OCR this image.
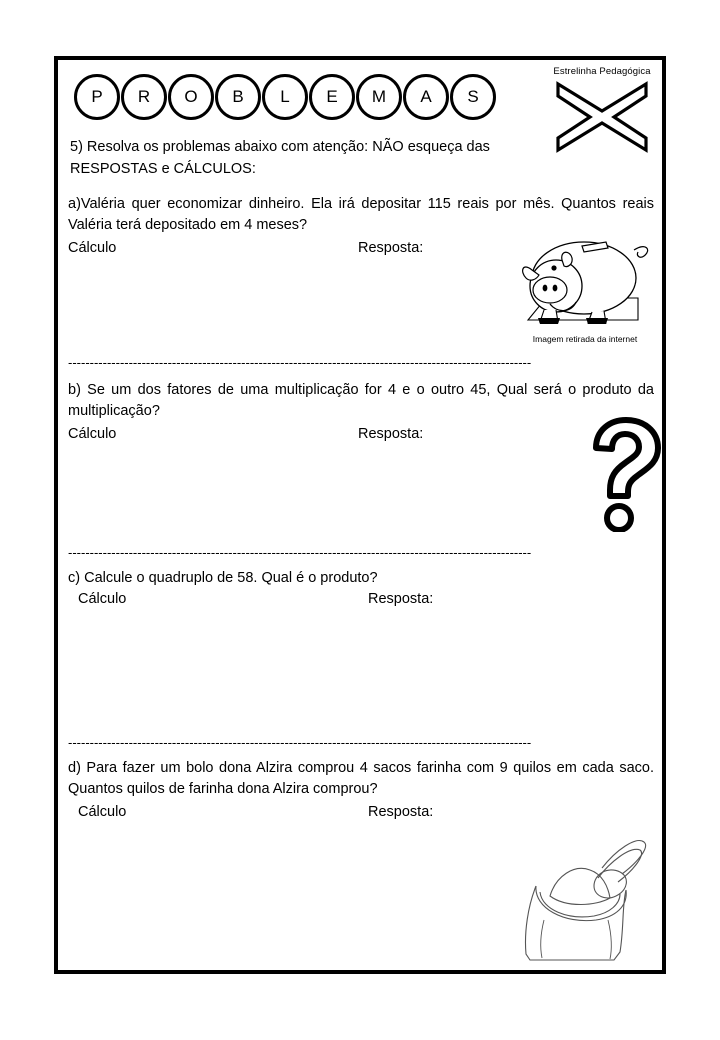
P R O B L E M A S
Estrelinha Pedagógica
5) Resolva os problemas abaixo com atenção: NÃO esqueça das RESPOSTAS e CÁLCULOS:
a)Valéria quer economizar dinheiro. Ela irá depositar 115 reais por mês. Quantos reais Valéria terá depositado em 4 meses?
Cálculo	Resposta:
Imagem retirada da internet
-----------------------------------------------------------------------------------------------------------
b) Se um dos fatores de uma multiplicação for 4 e o outro 45, Qual será o produto da multiplicação?
Cálculo	Resposta:
-----------------------------------------------------------------------------------------------------------
c) Calcule o quadruplo de 58. Qual é o produto?
Cálculo	Resposta:
-----------------------------------------------------------------------------------------------------------
d) Para fazer um bolo dona Alzira comprou 4 sacos farinha com 9 quilos em cada saco. Quantos quilos de farinha dona Alzira comprou?
Cálculo	Resposta:
